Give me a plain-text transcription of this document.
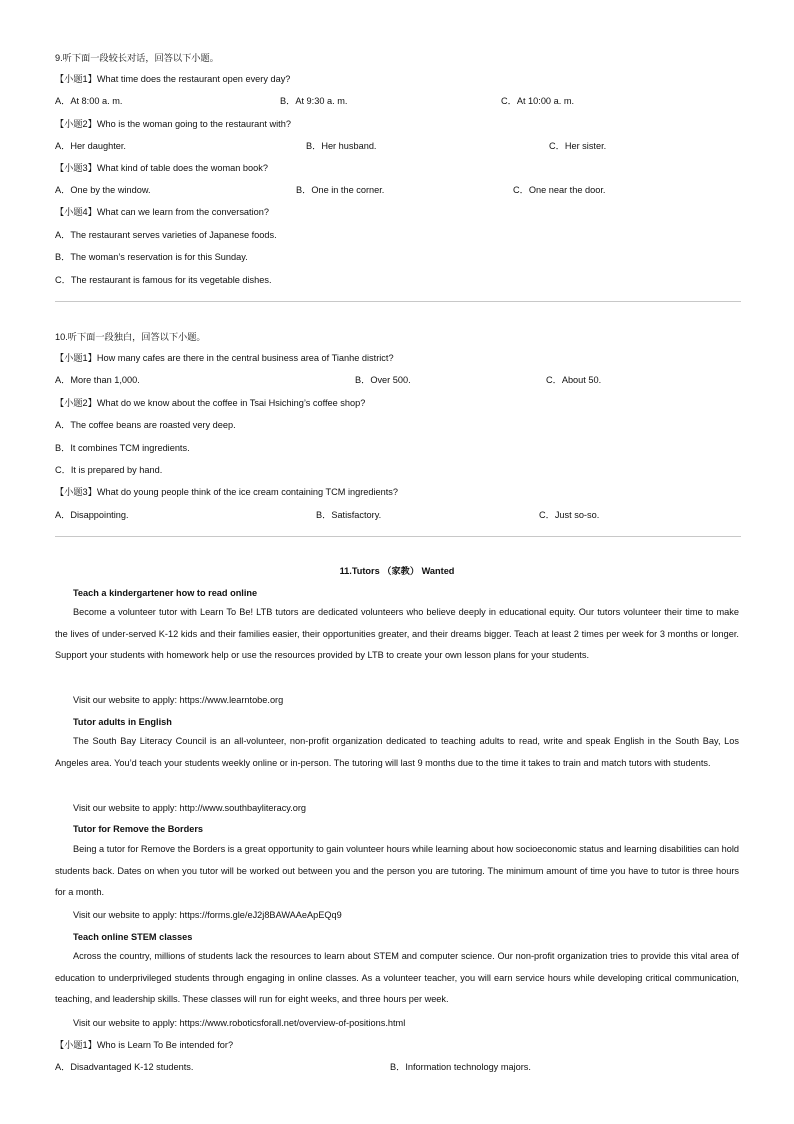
9.听下面一段较长对话，回答以下小题。
【小题1】What time does the restaurant open every day?
A．At 8:00 a. m.	B．At 9:30 a. m.	C．At 10:00 a. m.
【小题2】Who is the woman going to the restaurant with?
A．Her daughter.	B．Her husband.	C．Her sister.
【小题3】What kind of table does the woman book?
A．One by the window.	B．One in the corner.	C．One near the door.
【小题4】What can we learn from the conversation?
A．The restaurant serves varieties of Japanese foods.
B．The woman’s reservation is for this Sunday.
C．The restaurant is famous for its vegetable dishes.
10.听下面一段独白，回答以下小题。
【小题1】How many cafes are there in the central business area of Tianhe district?
A．More than 1,000.	B．Over 500.	C．About 50.
【小题2】What do we know about the coffee in Tsai Hsiching’s coffee shop?
A．The coffee beans are roasted very deep.
B．It combines TCM ingredients.
C．It is prepared by hand.
【小题3】What do young people think of the ice cream containing TCM ingredients?
A．Disappointing.	B．Satisfactory.	C．Just so-so.
11.Tutors （家教） Wanted
Teach a kindergartener how to read online
Become a volunteer tutor with Learn To Be! LTB tutors are dedicated volunteers who believe deeply in educational equity. Our tutors volunteer their time to make the lives of under-served K-12 kids and their families easier, their opportunities greater, and their dreams bigger. Teach at least 2 times per week for 3 months or longer. Support your students with homework help or use the resources provided by LTB to create your own lesson plans for your students.
Visit our website to apply: https://www.learntobe.org
Tutor adults in English
The South Bay Literacy Council is an all-volunteer, non-profit organization dedicated to teaching adults to read, write and speak English in the South Bay, Los Angeles area. You’d teach your students weekly online or in-person. The tutoring will last 9 months due to the time it takes to train and match tutors with students.
Visit our website to apply: http://www.southbayliteracy.org
Tutor for Remove the Borders
Being a tutor for Remove the Borders is a great opportunity to gain volunteer hours while learning about how socioeconomic status and learning disabilities can hold students back. Dates on when you tutor will be worked out between you and the person you are tutoring. The minimum amount of time you have to tutor is three hours for a month.
Visit our website to apply: https://forms.gle/eJ2j8BAWAAeApEQq9
Teach online STEM classes
Across the country, millions of students lack the resources to learn about STEM and computer science. Our non-profit organization tries to provide this vital area of education to underprivileged students through engaging in online classes. As a volunteer teacher, you will earn service hours while developing critical communication, teaching, and leadership skills. These classes will run for eight weeks, and three hours per week.
Visit our website to apply: https://www.roboticsforall.net/overview-of-positions.html
【小题1】Who is Learn To Be intended for?
A．Disadvantaged K-12 students.	B．Information technology majors.
